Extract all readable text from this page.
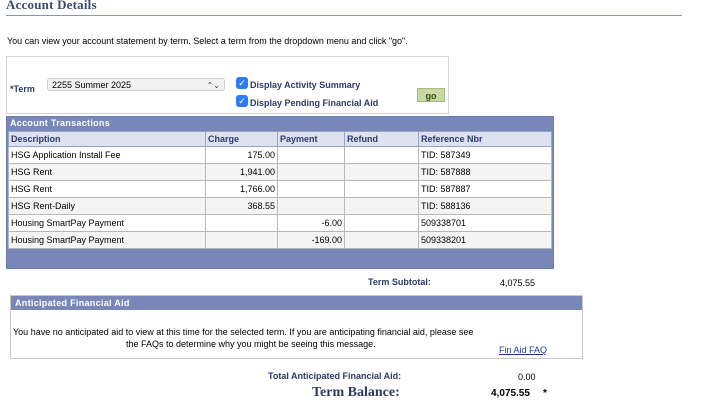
Account Details
You can view your account statement by term. Select a term from the dropdown menu and click "go".
*Term	2255 Summer 2025	⌃⌄ ✓ Display Activity Summary
✓ Display Pending Financial Aid
go
Account Transactions
Description	Charge	Payment	Refund	Reference Nbr
HSG Application Install Fee	175.00			TID: 587349
HSG Rent	1,941.00			TID: 587888
HSG Rent	1,766.00			TID: 587887
HSG Rent-Daily	368.55			TID: 588136
Housing SmartPay Payment		-6.00		509338701
Housing SmartPay Payment		-169.00		509338201
Term Subtotal:	4,075.55
Anticipated Financial Aid
You have no anticipated aid to view at this time for the selected term. If you are anticipating financial aid, please see
the FAQs to determine why you might be seeing this message.
Fin Aid FAQ
Total Anticipated Financial Aid:	0.00
Term Balance:	4,075.55 *
